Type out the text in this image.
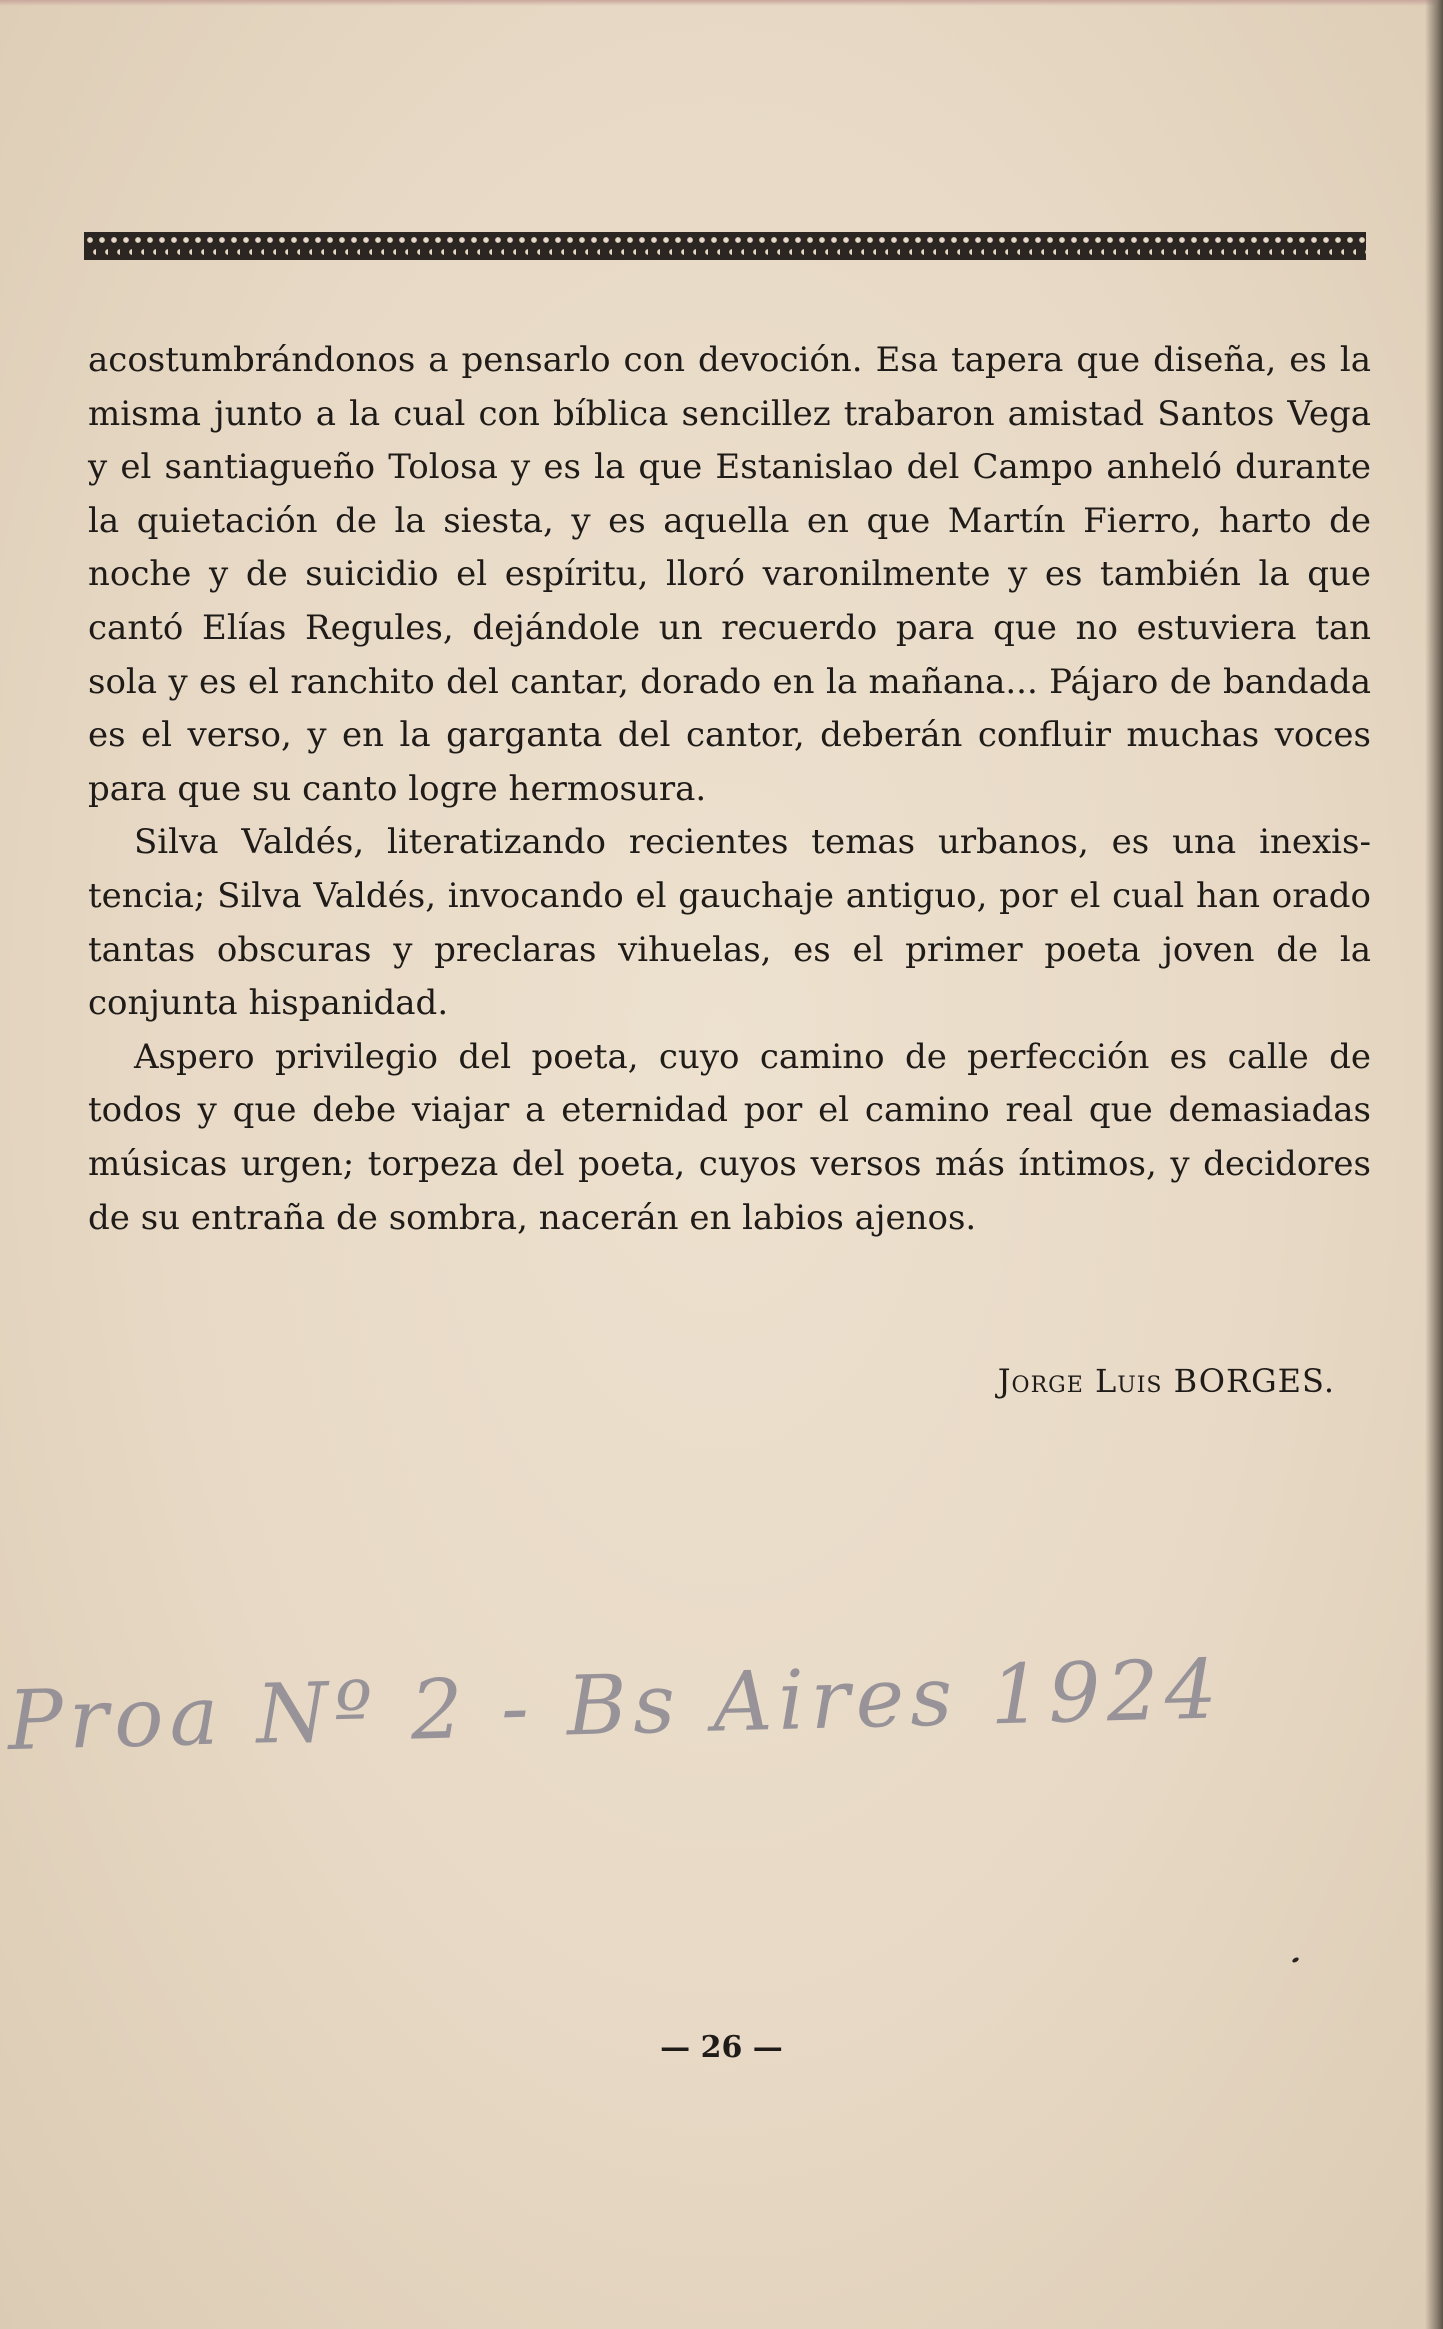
acostumbrándonos a pensarlo con devoción. Esa tapera que diseña, es la misma junto a la cual con bíblica sencillez trabaron amistad Santos Vega y el santiagueño Tolosa y es la que Estanislao del Campo anheló durante la quietación de la siesta, y es aquella en que Martín Fierro, harto de noche y de suicidio el espíritu, lloró varonilmente y es también la que cantó Elías Regules, dejándole un recuerdo para que no estuviera tan sola y es el ranchito del cantar, dorado en la mañana... Pájaro de bandada es el verso, y en la garganta del cantor, deberán confluir muchas voces para que su canto logre hermosura.

Silva Valdés, literatizando recientes temas urbanos, es una inexistencia; Silva Valdés, invocando el gauchaje antiguo, por el cual han orado tantas obscuras y preclaras vihuelas, es el primer poeta joven de la conjunta hispanidad.

Aspero privilegio del poeta, cuyo camino de perfección es calle de todos y que debe viajar a eternidad por el camino real que demasiadas músicas urgen; torpeza del poeta, cuyos versos más íntimos, y decidores de su entraña de sombra, nacerán en labios ajenos.

Jorge Luis BORGES.
Proa Nº 2 - Bs Aires 1924
— 26 —
